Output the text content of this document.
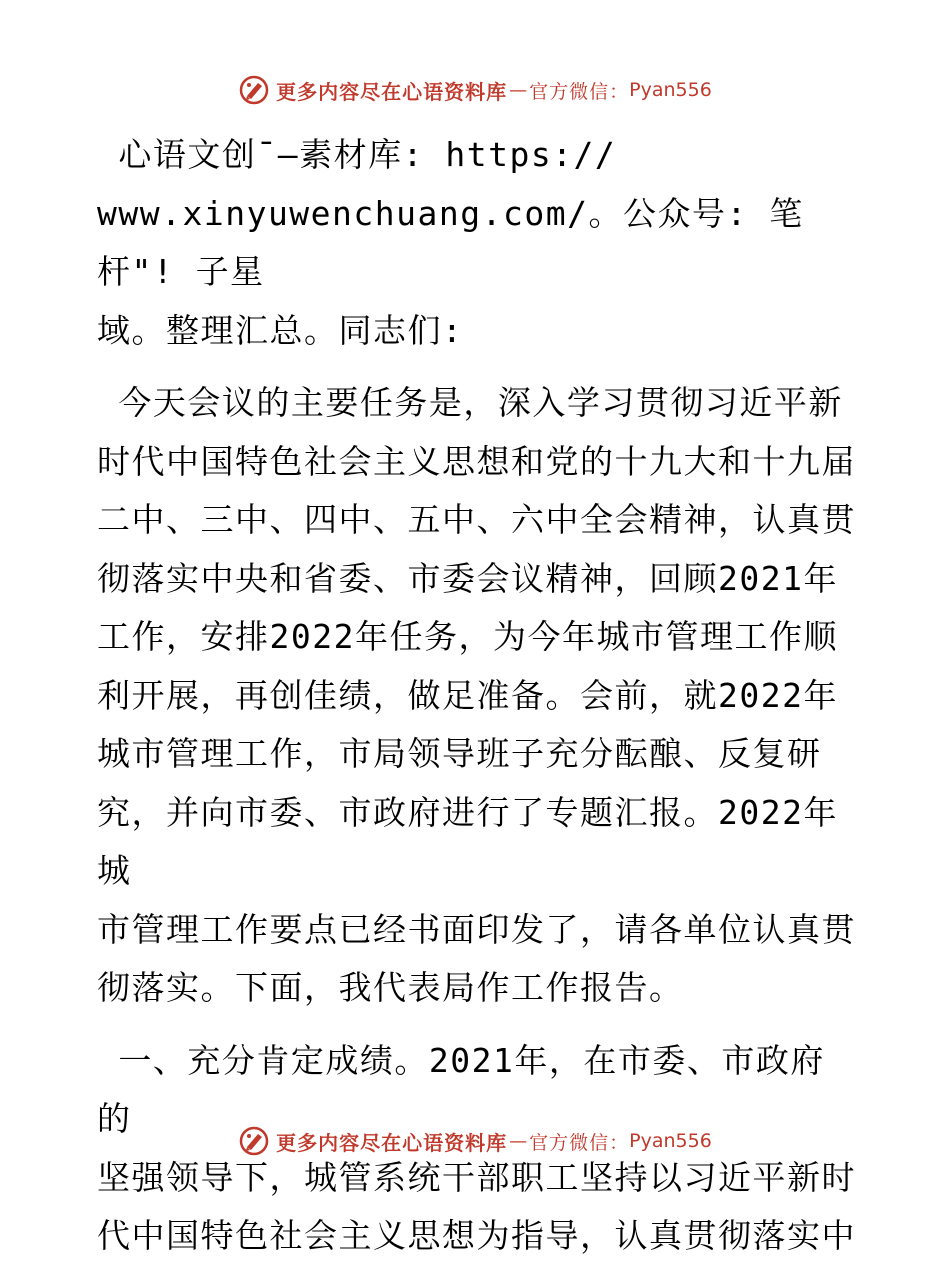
更多内容尽在心语资料库 — 官方微信： Pyan556

心语文创¯—素材库: https://
www.xinyuwenchuang.com/。公众号: 笔杆"! 子星
域。整理汇总。同志们:

今天会议的主要任务是，深入学习贯彻习近平新
时代中国特色社会主义思想和党的十九大和十九届
二中、三中、四中、五中、六中全会精神，认真贯
彻落实中央和省委、市委会议精神，回顾2021年
工作，安排2022年任务，为今年城市管理工作顺
利开展，再创佳绩，做足准备。会前，就2022年
城市管理工作，市局领导班子充分酝酿、反复研
究，并向市委、市政府进行了专题汇报。2022年城
市管理工作要点已经书面印发了，请各单位认真贯
彻落实。下面，我代表局作工作报告。

一、充分肯定成绩。2021年，在市委、市政府的
坚强领导下，城管系统干部职工坚持以习近平新时
代中国特色社会主义思想为指导，认真贯彻落实中

更多内容尽在心语资料库 — 官方微信： Pyan556
